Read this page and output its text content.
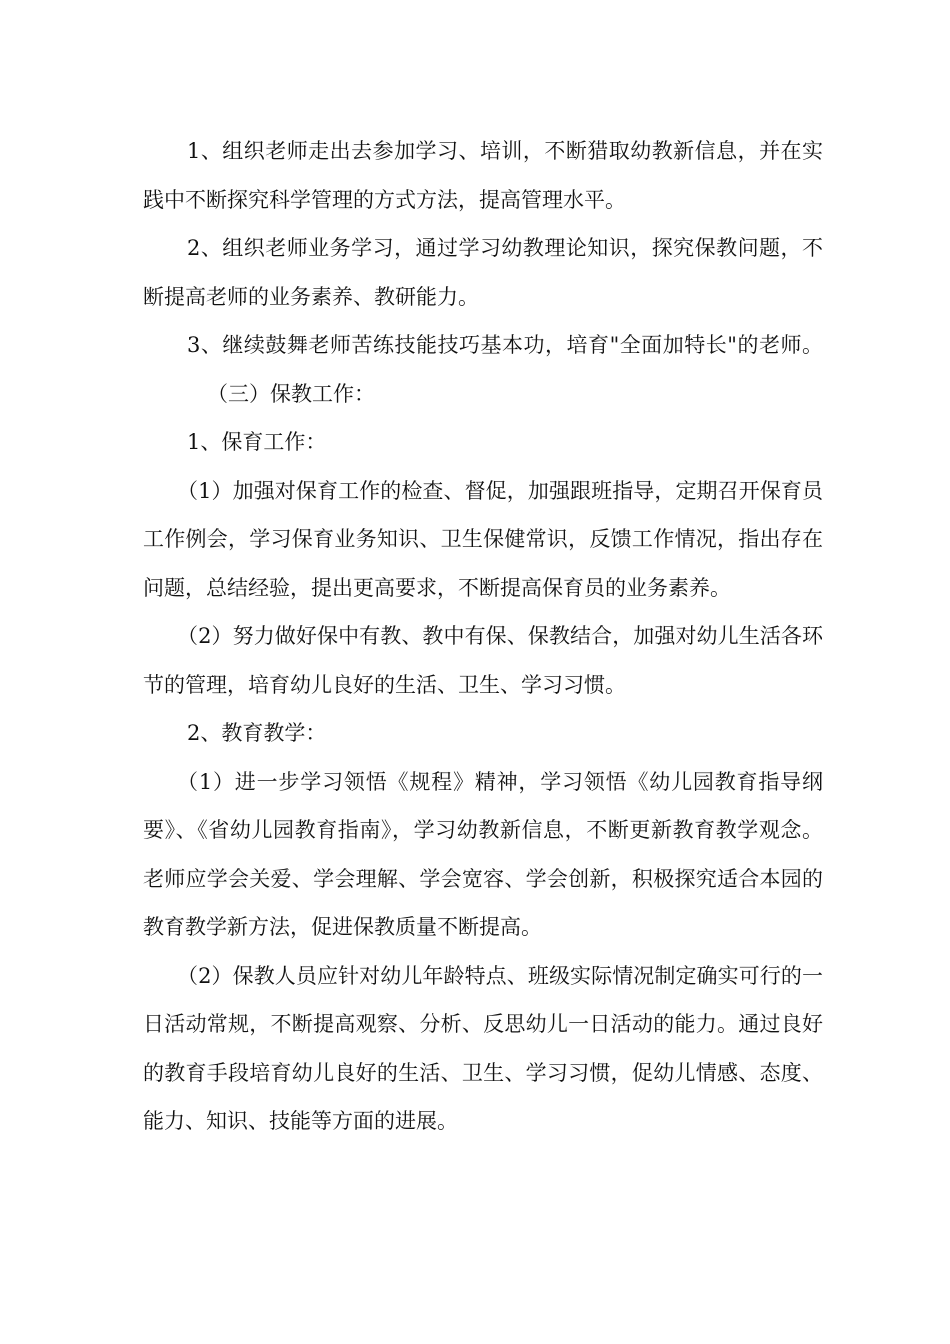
1、组织老师走出去参加学习、培训，不断猎取幼教新信息，并在实践中不断探究科学管理的方式方法，提高管理水平。

2、组织老师业务学习，通过学习幼教理论知识，探究保教问题，不断提高老师的业务素养、教研能力。

3、继续鼓舞老师苦练技能技巧基本功，培育"全面加特长"的老师。（三）保教工作：

1、保育工作：

（1）加强对保育工作的检查、督促，加强跟班指导，定期召开保育员工作例会，学习保育业务知识、卫生保健常识，反馈工作情况，指出存在问题，总结经验，提出更高要求，不断提高保育员的业务素养。

（2）努力做好保中有教、教中有保、保教结合，加强对幼儿生活各环节的管理，培育幼儿良好的生活、卫生、学习习惯。

2、教育教学：

（1）进一步学习领悟《规程》精神，学习领悟《幼儿园教育指导纲要》、《省幼儿园教育指南》，学习幼教新信息，不断更新教育教学观念。老师应学会关爱、学会理解、学会宽容、学会创新，积极探究适合本园的教育教学新方法，促进保教质量不断提高。

（2）保教人员应针对幼儿年龄特点、班级实际情况制定确实可行的一日活动常规，不断提高观察、分析、反思幼儿一日活动的能力。通过良好的教育手段培育幼儿良好的生活、卫生、学习习惯，促幼儿情感、态度、能力、知识、技能等方面的进展。
